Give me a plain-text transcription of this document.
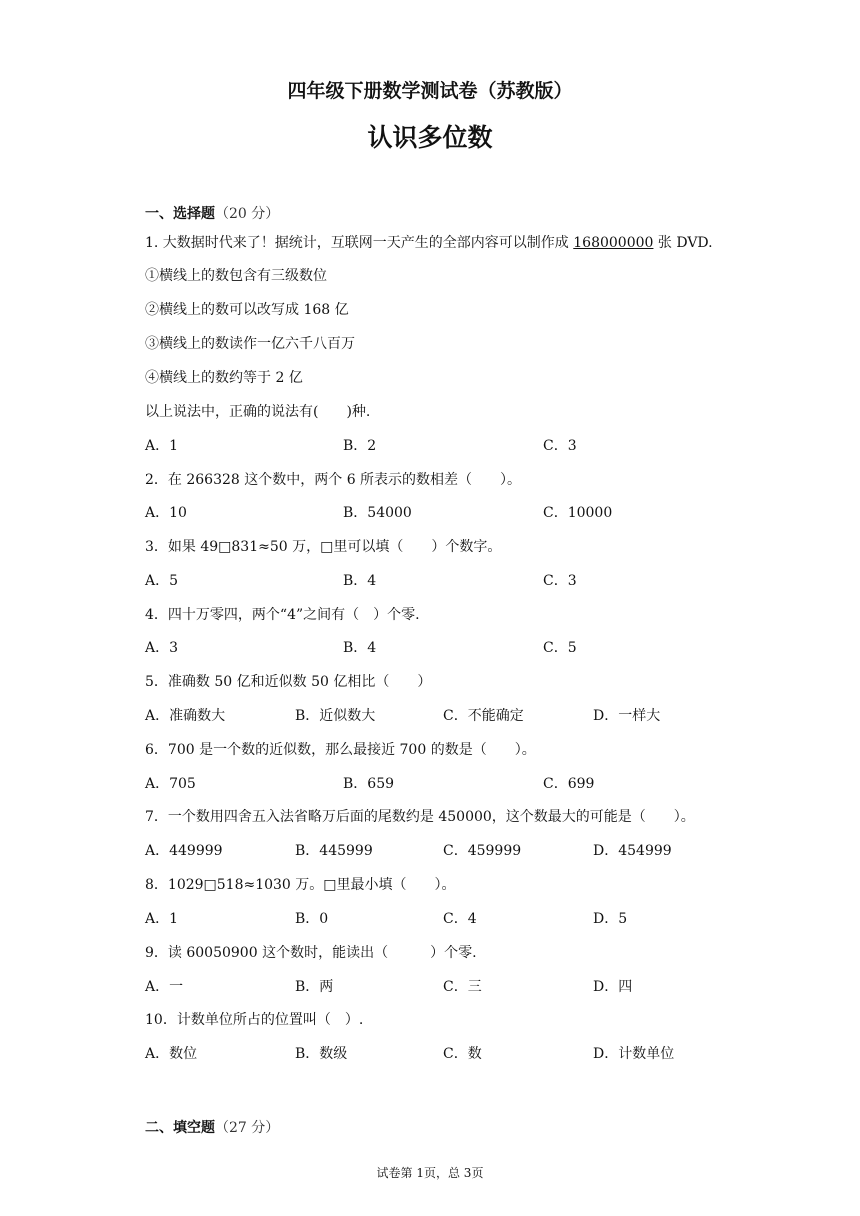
四年级下册数学测试卷（苏教版）
认识多位数
一、选择题（20 分）
1. 大数据时代来了！据统计，互联网一天产生的全部内容可以制作成 168000000 张 DVD.
①横线上的数包含有三级数位
②横线上的数可以改写成 168 亿
③横线上的数读作一亿六千八百万
④横线上的数约等于 2 亿
以上说法中，正确的说法有(　　)种.
A．1	B．2	C．3
2．在 266328 这个数中，两个 6 所表示的数相差（　　）。
A．10	B．54000	C．10000
3．如果 49□831≈50 万，□里可以填（　　）个数字。
A．5	B．4	C．3
4．四十万零四，两个“4”之间有（　）个零.
A．3	B．4	C．5
5．准确数 50 亿和近似数 50 亿相比（　　）
A．准确数大	B．近似数大	C．不能确定	D．一样大
6．700 是一个数的近似数，那么最接近 700 的数是（　　）。
A．705	B．659	C．699
7．一个数用四舍五入法省略万后面的尾数约是 450000，这个数最大的可能是（　　）。
A．449999	B．445999	C．459999	D．454999
8．1029□518≈1030 万。□里最小填（　　）。
A．1	B．0	C．4	D．5
9．读 60050900 这个数时，能读出（　　　）个零.
A．一	B．两	C．三	D．四
10．计数单位所占的位置叫（　）.
A．数位	B．数级	C．数	D．计数单位
二、填空题（27 分）
试卷第 1页，总 3页
